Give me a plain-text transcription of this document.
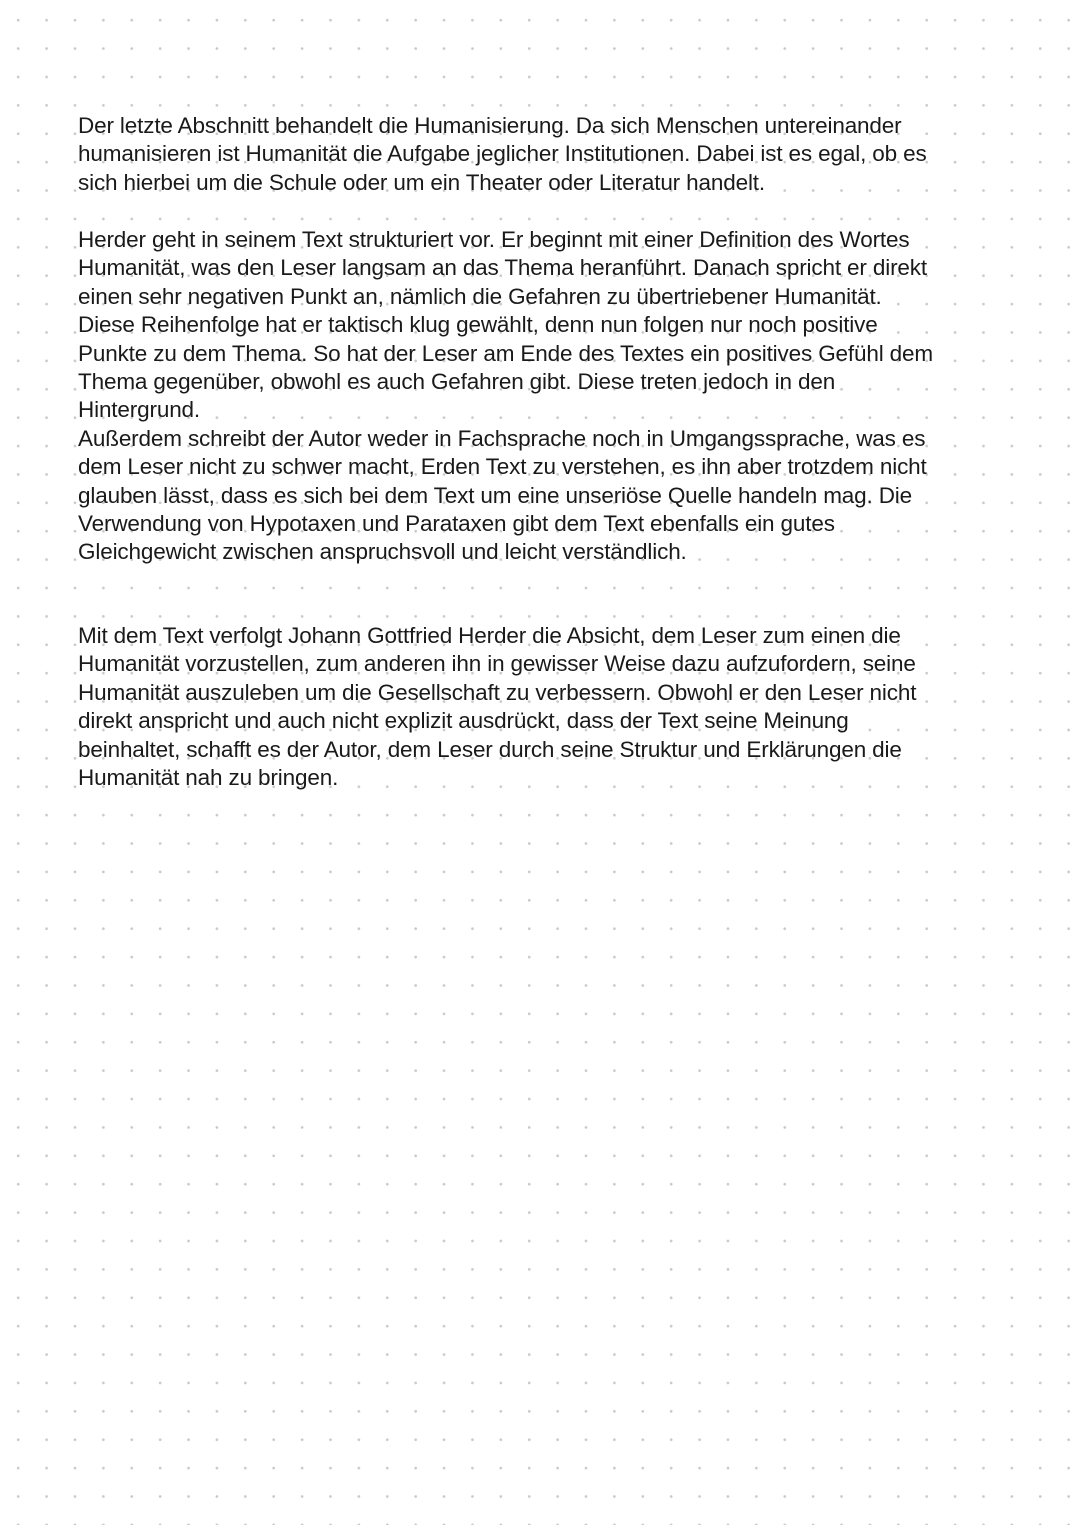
Der letzte Abschnitt behandelt die Humanisierung. Da sich Menschen untereinander
humanisieren ist Humanität die Aufgabe jeglicher Institutionen. Dabei ist es egal, ob es
sich hierbei um die Schule oder um ein Theater oder Literatur handelt.

Herder geht in seinem Text strukturiert vor. Er beginnt mit einer Definition des Wortes
Humanität, was den Leser langsam an das Thema heranführt. Danach spricht er direkt
einen sehr negativen Punkt an, nämlich die Gefahren zu übertriebener Humanität.
Diese Reihenfolge hat er taktisch klug gewählt, denn nun folgen nur noch positive
Punkte zu dem Thema. So hat der Leser am Ende des Textes ein positives Gefühl dem
Thema gegenüber, obwohl es auch Gefahren gibt. Diese treten jedoch in den
Hintergrund.
Außerdem schreibt der Autor weder in Fachsprache noch in Umgangssprache, was es
dem Leser nicht zu schwer macht, Erden Text zu verstehen, es ihn aber trotzdem nicht
glauben lässt, dass es sich bei dem Text um eine unseriöse Quelle handeln mag. Die
Verwendung von Hypotaxen und Parataxen gibt dem Text ebenfalls ein gutes
Gleichgewicht zwischen anspruchsvoll und leicht verständlich.

Mit dem Text verfolgt Johann Gottfried Herder die Absicht, dem Leser zum einen die
Humanität vorzustellen, zum anderen ihn in gewisser Weise dazu aufzufordern, seine
Humanität auszuleben um die Gesellschaft zu verbessern. Obwohl er den Leser nicht
direkt anspricht und auch nicht explizit ausdrückt, dass der Text seine Meinung
beinhaltet, schafft es der Autor, dem Leser durch seine Struktur und Erklärungen die
Humanität nah zu bringen.
